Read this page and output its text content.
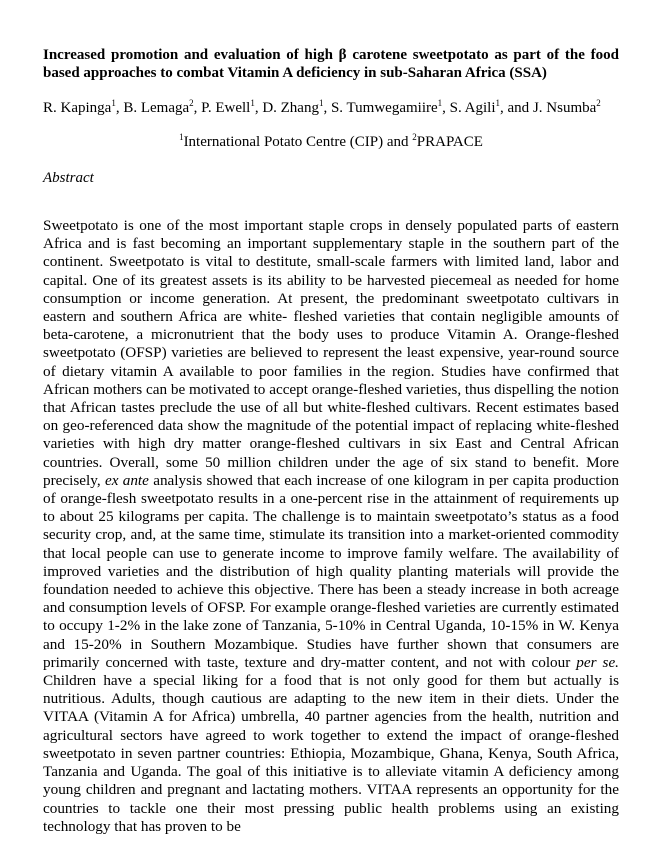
Increased promotion and evaluation of high β carotene sweetpotato as part of the food based approaches to combat Vitamin A deficiency in sub-Saharan Africa (SSA)

R. Kapinga$^1$, B. Lemaga$^2$, P. Ewell$^1$, D. Zhang$^1$, S. Tumwegamiire$^1$, S. Agili$^1$, and J. Nsumba$^2$
$^1$International Potato Centre (CIP) and $^2$PRAPACE
Abstract
Sweetpotato is one of the most important staple crops in densely populated parts of eastern Africa and is fast becoming an important supplementary staple in the southern part of the continent. Sweetpotato is vital to destitute, small-scale farmers with limited land, labor and capital. One of its greatest assets is its ability to be harvested piecemeal as needed for home consumption or income generation. At present, the predominant sweetpotato cultivars in eastern and southern Africa are white- fleshed varieties that contain negligible amounts of beta-carotene, a micronutrient that the body uses to produce Vitamin A. Orange-fleshed sweetpotato (OFSP) varieties are believed to represent the least expensive, year-round source of dietary vitamin A available to poor families in the region. Studies have confirmed that African mothers can be motivated to accept orange-fleshed varieties, thus dispelling the notion that African tastes preclude the use of all but white-fleshed cultivars. Recent estimates based on geo-referenced data show the magnitude of the potential impact of replacing white-fleshed varieties with high dry matter orange-fleshed cultivars in six East and Central African countries. Overall, some 50 million children under the age of six stand to benefit. More precisely, ex ante analysis showed that each increase of one kilogram in per capita production of orange-flesh sweetpotato results in a one-percent rise in the attainment of requirements up to about 25 kilograms per capita. The challenge is to maintain sweetpotato’s status as a food security crop, and, at the same time, stimulate its transition into a market-oriented commodity that local people can use to generate income to improve family welfare. The availability of improved varieties and the distribution of high quality planting materials will provide the foundation needed to achieve this objective. There has been a steady increase in both acreage and consumption levels of OFSP. For example orange-fleshed varieties are currently estimated to occupy 1-2% in the lake zone of Tanzania, 5-10% in Central Uganda, 10-15% in W. Kenya and 15-20% in Southern Mozambique. Studies have further shown that consumers are primarily concerned with taste, texture and dry-matter content, and not with colour per se. Children have a special liking for a food that is not only good for them but actually is nutritious. Adults, though cautious are adapting to the new item in their diets. Under the VITAA (Vitamin A for Africa) umbrella, 40 partner agencies from the health, nutrition and agricultural sectors have agreed to work together to extend the impact of orange-fleshed sweetpotato in seven partner countries: Ethiopia, Mozambique, Ghana, Kenya, South Africa, Tanzania and Uganda. The goal of this initiative is to alleviate vitamin A deficiency among young children and pregnant and lactating mothers. VITAA represents an opportunity for the countries to tackle one their most pressing public health problems using an existing technology that has proven to be
